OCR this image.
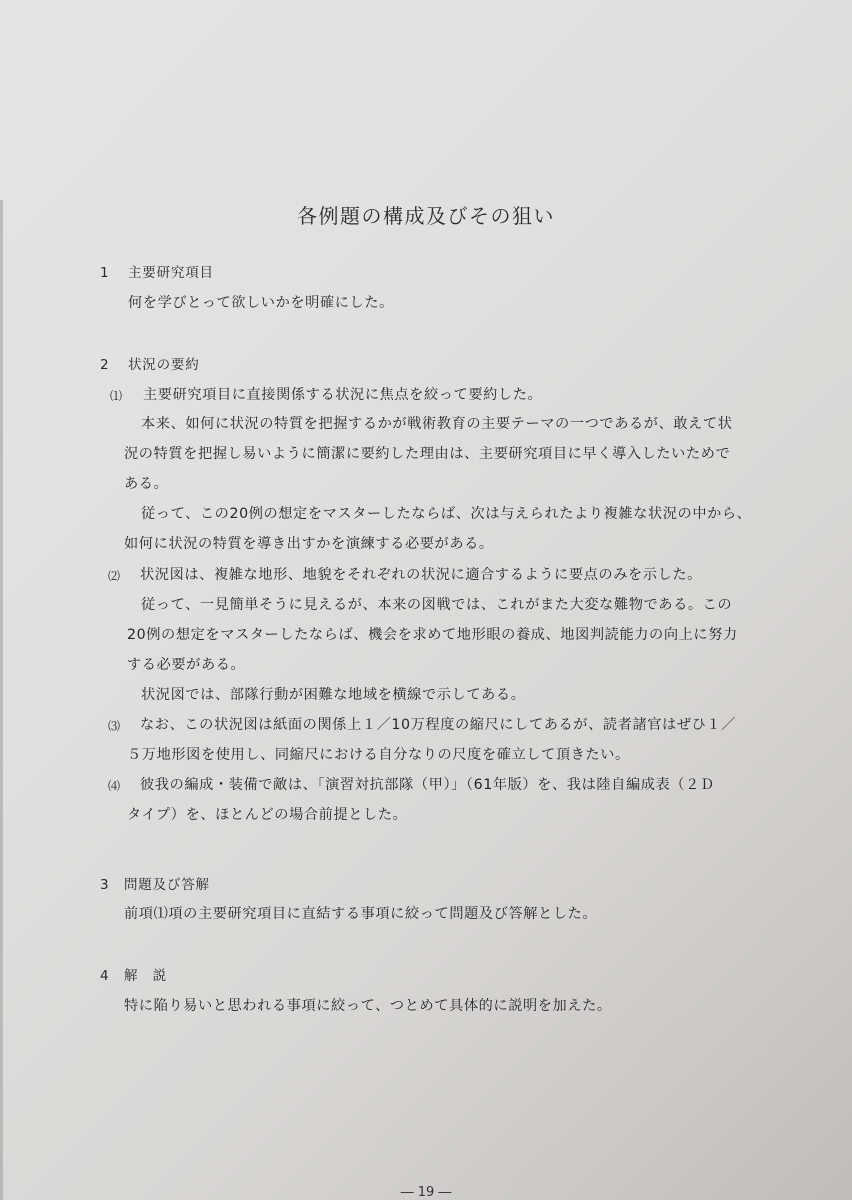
各例題の構成及びその狙い
1 主要研究項目
何を学びとって欲しいかを明確にした。
2 状況の要約
⑴ 主要研究項目に直接関係する状況に焦点を絞って要約した。
本来、如何に状況の特質を把握するかが戦術教育の主要テーマの一つであるが、敢えて状
況の特質を把握し易いように簡潔に要約した理由は、主要研究項目に早く導入したいためで
ある。
従って、この20例の想定をマスターしたならば、次は与えられたより複雑な状況の中から、
如何に状況の特質を導き出すかを演練する必要がある。
⑵ 状況図は、複雑な地形、地貌をそれぞれの状況に適合するように要点のみを示した。
従って、一見簡単そうに見えるが、本来の図戦では、これがまた大変な難物である。この
20例の想定をマスターしたならば、機会を求めて地形眼の養成、地図判読能力の向上に努力
する必要がある。
状況図では、部隊行動が困難な地域を横線で示してある。
⑶ なお、この状況図は紙面の関係上１／10万程度の縮尺にしてあるが、読者諸官はぜひ１／
５万地形図を使用し、同縮尺における自分なりの尺度を確立して頂きたい。
⑷ 彼我の編成・装備で敵は、「演習対抗部隊（甲）」（61年版）を、我は陸自編成表（２Ｄ
タイプ）を、ほとんどの場合前提とした。
3 問題及び答解
前項⑴項の主要研究項目に直結する事項に絞って問題及び答解とした。
4 解　説
特に陥り易いと思われる事項に絞って、つとめて具体的に説明を加えた。
― 19 ―
